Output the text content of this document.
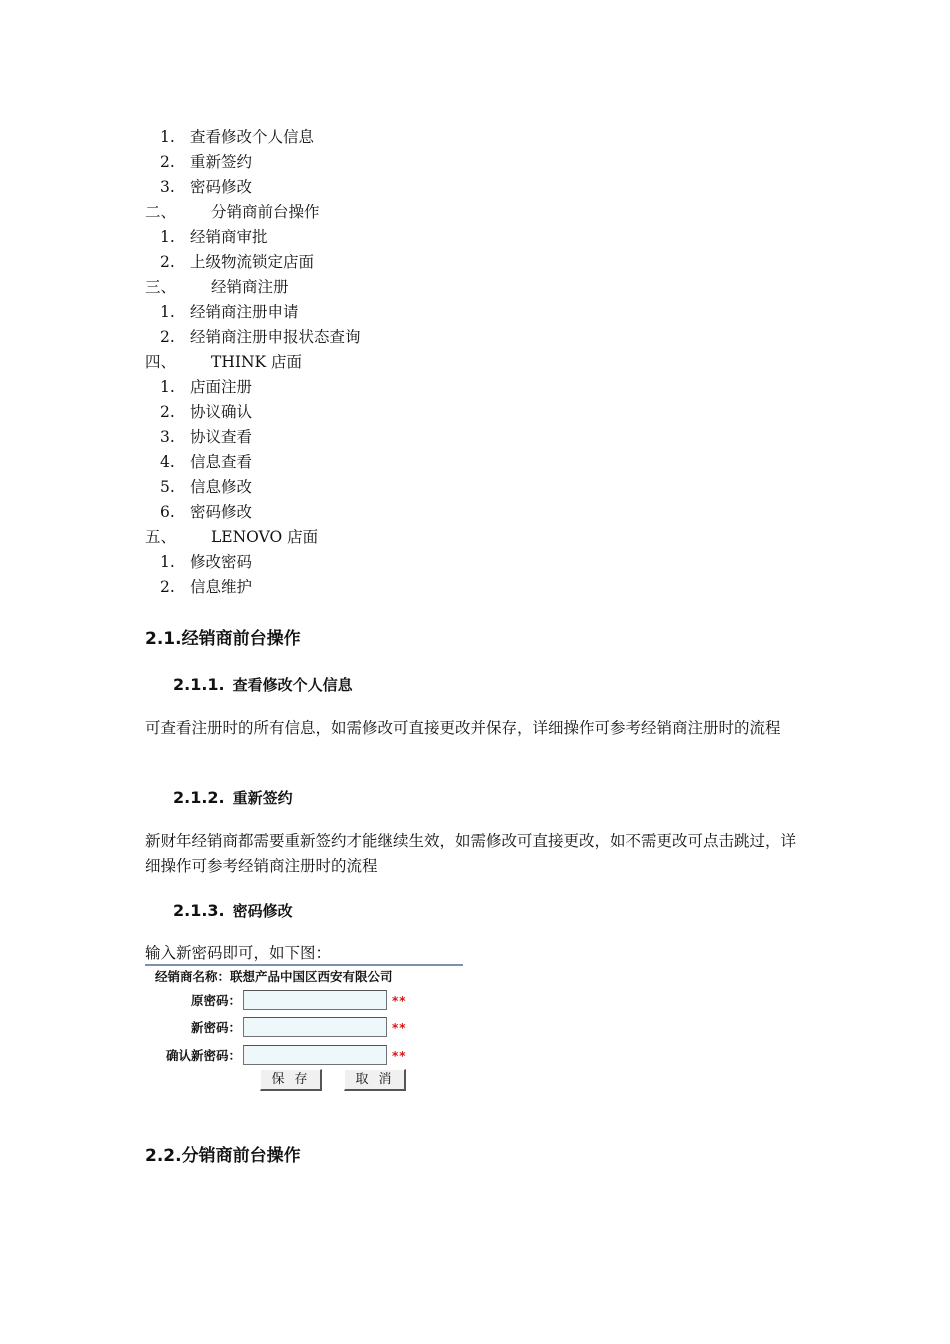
1. 查看修改个人信息
2. 重新签约
3. 密码修改
二、 分销商前台操作
1. 经销商审批
2. 上级物流锁定店面
三、 经销商注册
1. 经销商注册申请
2. 经销商注册申报状态查询
四、 THINK 店面
1. 店面注册
2. 协议确认
3. 协议查看
4. 信息查看
5. 信息修改
6. 密码修改
五、 LENOVO 店面
1. 修改密码
2. 信息维护
2.1.经销商前台操作
2.1.1. 查看修改个人信息
可查看注册时的所有信息，如需修改可直接更改并保存，详细操作可参考经销商注册时的流程
2.1.2. 重新签约
新财年经销商都需要重新签约才能继续生效，如需修改可直接更改，如不需更改可点击跳过，详细操作可参考经销商注册时的流程
2.1.3. 密码修改
输入新密码即可，如下图：
经销商名称：联想产品中国区西安有限公司
原密码：	**
新密码：	**
确认新密码：	**
保存	取消
2.2.分销商前台操作
